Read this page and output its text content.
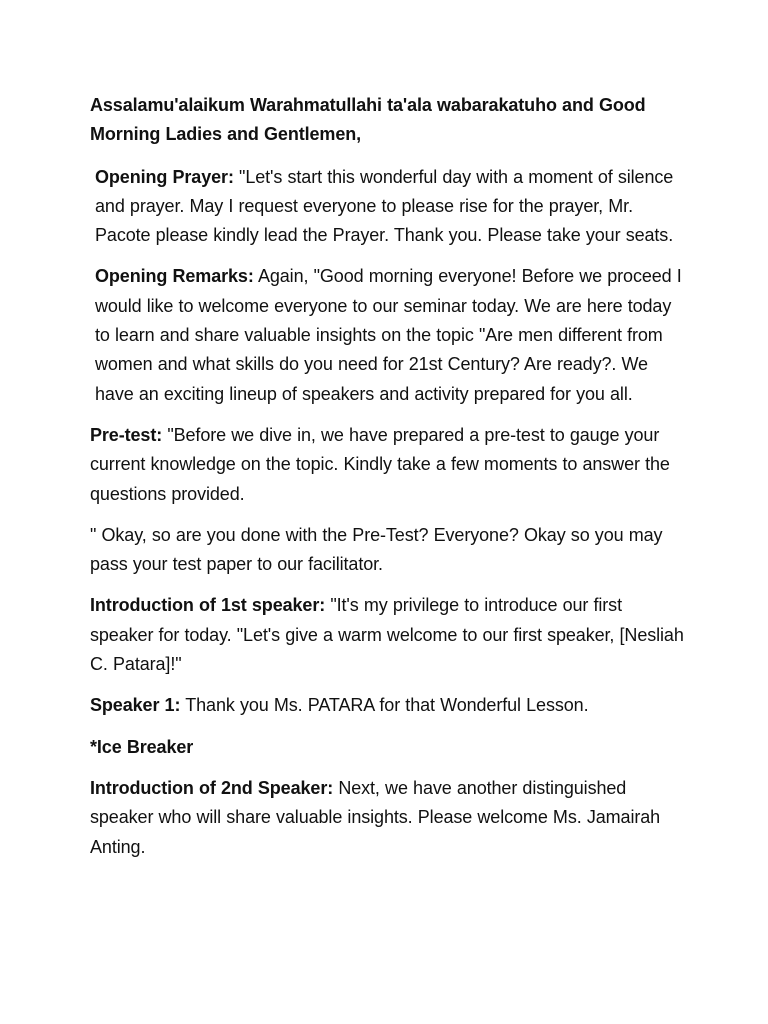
Assalamu'alaikum Warahmatullahi ta'ala wabarakatuho and Good Morning Ladies and Gentlemen,

Opening Prayer: "Let's start this wonderful day with a moment of silence and prayer. May I request everyone to please rise for the prayer, Mr. Pacote please kindly lead the Prayer. Thank you. Please take your seats.

Opening Remarks: Again, "Good morning everyone! Before we proceed I would like to welcome everyone to our seminar today. We are here today to learn and share valuable insights on the topic "Are men different from women and what skills do you need for 21st Century? Are ready?. We have an exciting lineup of speakers and activity prepared for you all.

Pre-test: "Before we dive in, we have prepared a pre-test to gauge your current knowledge on the topic. Kindly take a few moments to answer the questions provided.

" Okay, so are you done with the Pre-Test? Everyone? Okay so you may pass your test paper to our facilitator.

Introduction of 1st speaker: "It's my privilege to introduce our first speaker for today. "Let's give a warm welcome to our first speaker, [Nesliah C. Patara]!"

Speaker 1: Thank you Ms. PATARA for that Wonderful Lesson.

*Ice Breaker

Introduction of 2nd Speaker: Next, we have another distinguished speaker who will share valuable insights. Please welcome Ms. Jamairah Anting.
